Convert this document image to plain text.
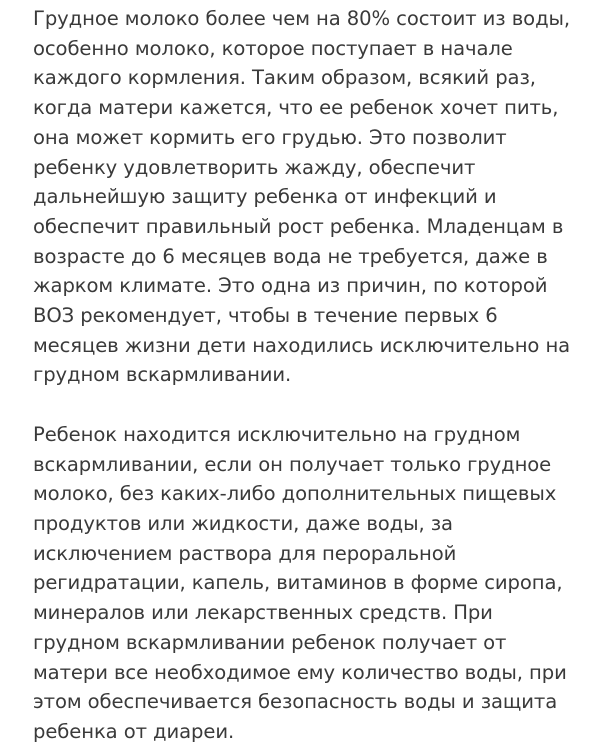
Грудное молоко более чем на 80% состоит из воды,
особенно молоко, которое поступает в начале
каждого кормления. Таким образом, всякий раз,
когда матери кажется, что ее ребенок хочет пить,
она может кормить его грудью. Это позволит
ребенку удовлетворить жажду, обеспечит
дальнейшую защиту ребенка от инфекций и
обеспечит правильный рост ребенка. Младенцам в
возрасте до 6 месяцев вода не требуется, даже в
жарком климате. Это одна из причин, по которой
ВОЗ рекомендует, чтобы в течение первых 6
месяцев жизни дети находились исключительно на
грудном вскармливании.

Ребенок находится исключительно на грудном
вскармливании, если он получает только грудное
молоко, без каких-либо дополнительных пищевых
продуктов или жидкости, даже воды, за
исключением раствора для пероральной
регидратации, капель, витаминов в форме сиропа,
минералов или лекарственных средств. При
грудном вскармливании ребенок получает от
матери все необходимое ему количество воды, при
этом обеспечивается безопасность воды и защита
ребенка от диареи.
